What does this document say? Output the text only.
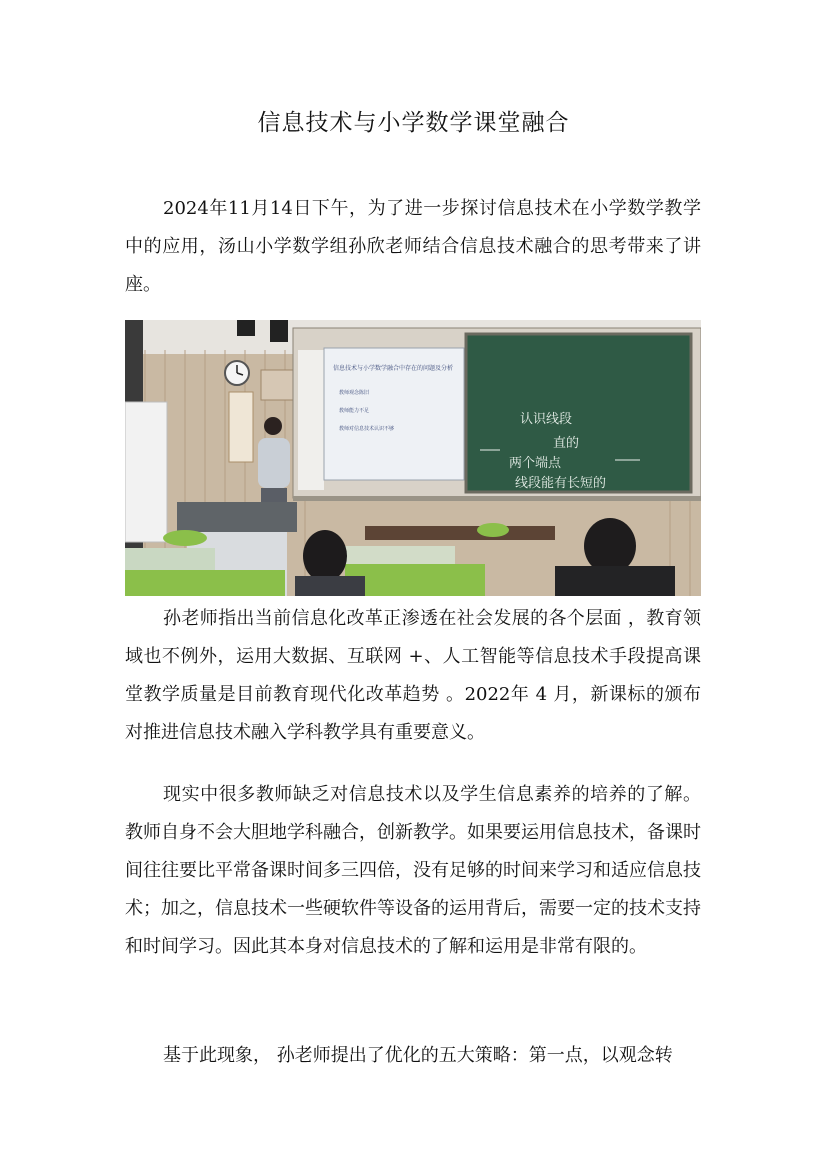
信息技术与小学数学课堂融合

2024年11月14日下午，为了进一步探讨信息技术在小学数学教学中的应用，汤山小学数学组孙欣老师结合信息技术融合的思考带来了讲座。

信息技术与小学数学融合中存在的问题及分析
教师观念陈旧
教师能力不足
教师对信息技术认识不够
认识线段
直的
两个端点
线段能有长短的

孙老师指出当前信息化改革正渗透在社会发展的各个层面 ，教育领域也不例外，运用大数据、互联网 +、人工智能等信息技术手段提高课堂教学质量是目前教育现代化改革趋势 。2022年 4 月，新课标的颁布对推进信息技术融入学科教学具有重要意义。

现实中很多教师缺乏对信息技术以及学生信息素养的培养的了解。教师自身不会大胆地学科融合，创新教学。如果要运用信息技术，备课时间往往要比平常备课时间多三四倍，没有足够的时间来学习和适应信息技术；加之，信息技术一些硬软件等设备的运用背后，需要一定的技术支持和时间学习。因此其本身对信息技术的了解和运用是非常有限的。

基于此现象， 孙老师提出了优化的五大策略：第一点，以观念转
